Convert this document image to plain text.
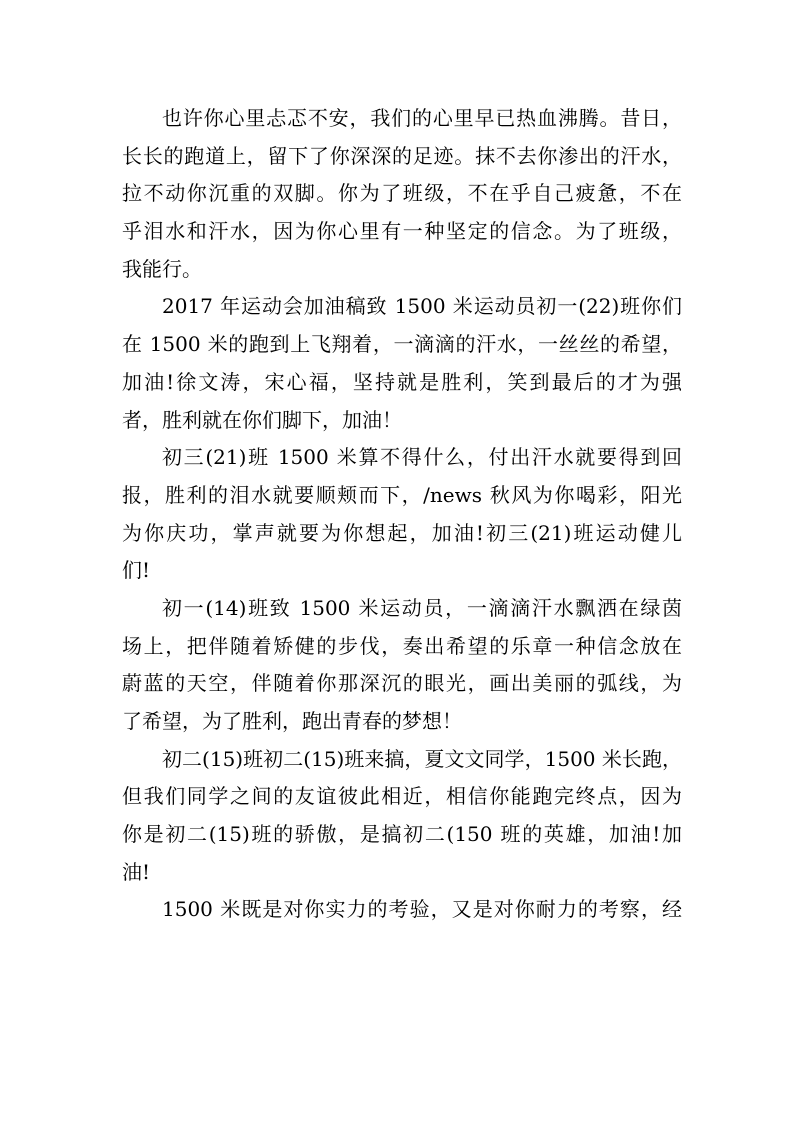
也许你心里忐忑不安，我们的心里早已热血沸腾。昔日，
长长的跑道上，留下了你深深的足迹。抹不去你渗出的汗水，
拉不动你沉重的双脚。你为了班级，不在乎自己疲惫，不在
乎泪水和汗水，因为你心里有一种坚定的信念。为了班级，
我能行。
2017 年运动会加油稿致 1500 米运动员初一(22)班你们
在 1500 米的跑到上飞翔着，一滴滴的汗水，一丝丝的希望，
加油!徐文涛，宋心福，坚持就是胜利，笑到最后的才为强
者，胜利就在你们脚下，加油！
初三(21)班 1500 米算不得什么，付出汗水就要得到回
报，胜利的泪水就要顺颊而下，/news 秋风为你喝彩，阳光
为你庆功，掌声就要为你想起，加油!初三(21)班运动健儿
们!
初一(14)班致 1500 米运动员，一滴滴汗水飘洒在绿茵
场上，把伴随着矫健的步伐，奏出希望的乐章一种信念放在
蔚蓝的天空，伴随着你那深沉的眼光，画出美丽的弧线，为
了希望，为了胜利，跑出青春的梦想！
初二(15)班初二(15)班来搞，夏文文同学，1500 米长跑，
但我们同学之间的友谊彼此相近，相信你能跑完终点，因为
你是初二(15)班的骄傲，是搞初二(150 班的英雄，加油!加
油!
1500 米既是对你实力的考验，又是对你耐力的考察，经
